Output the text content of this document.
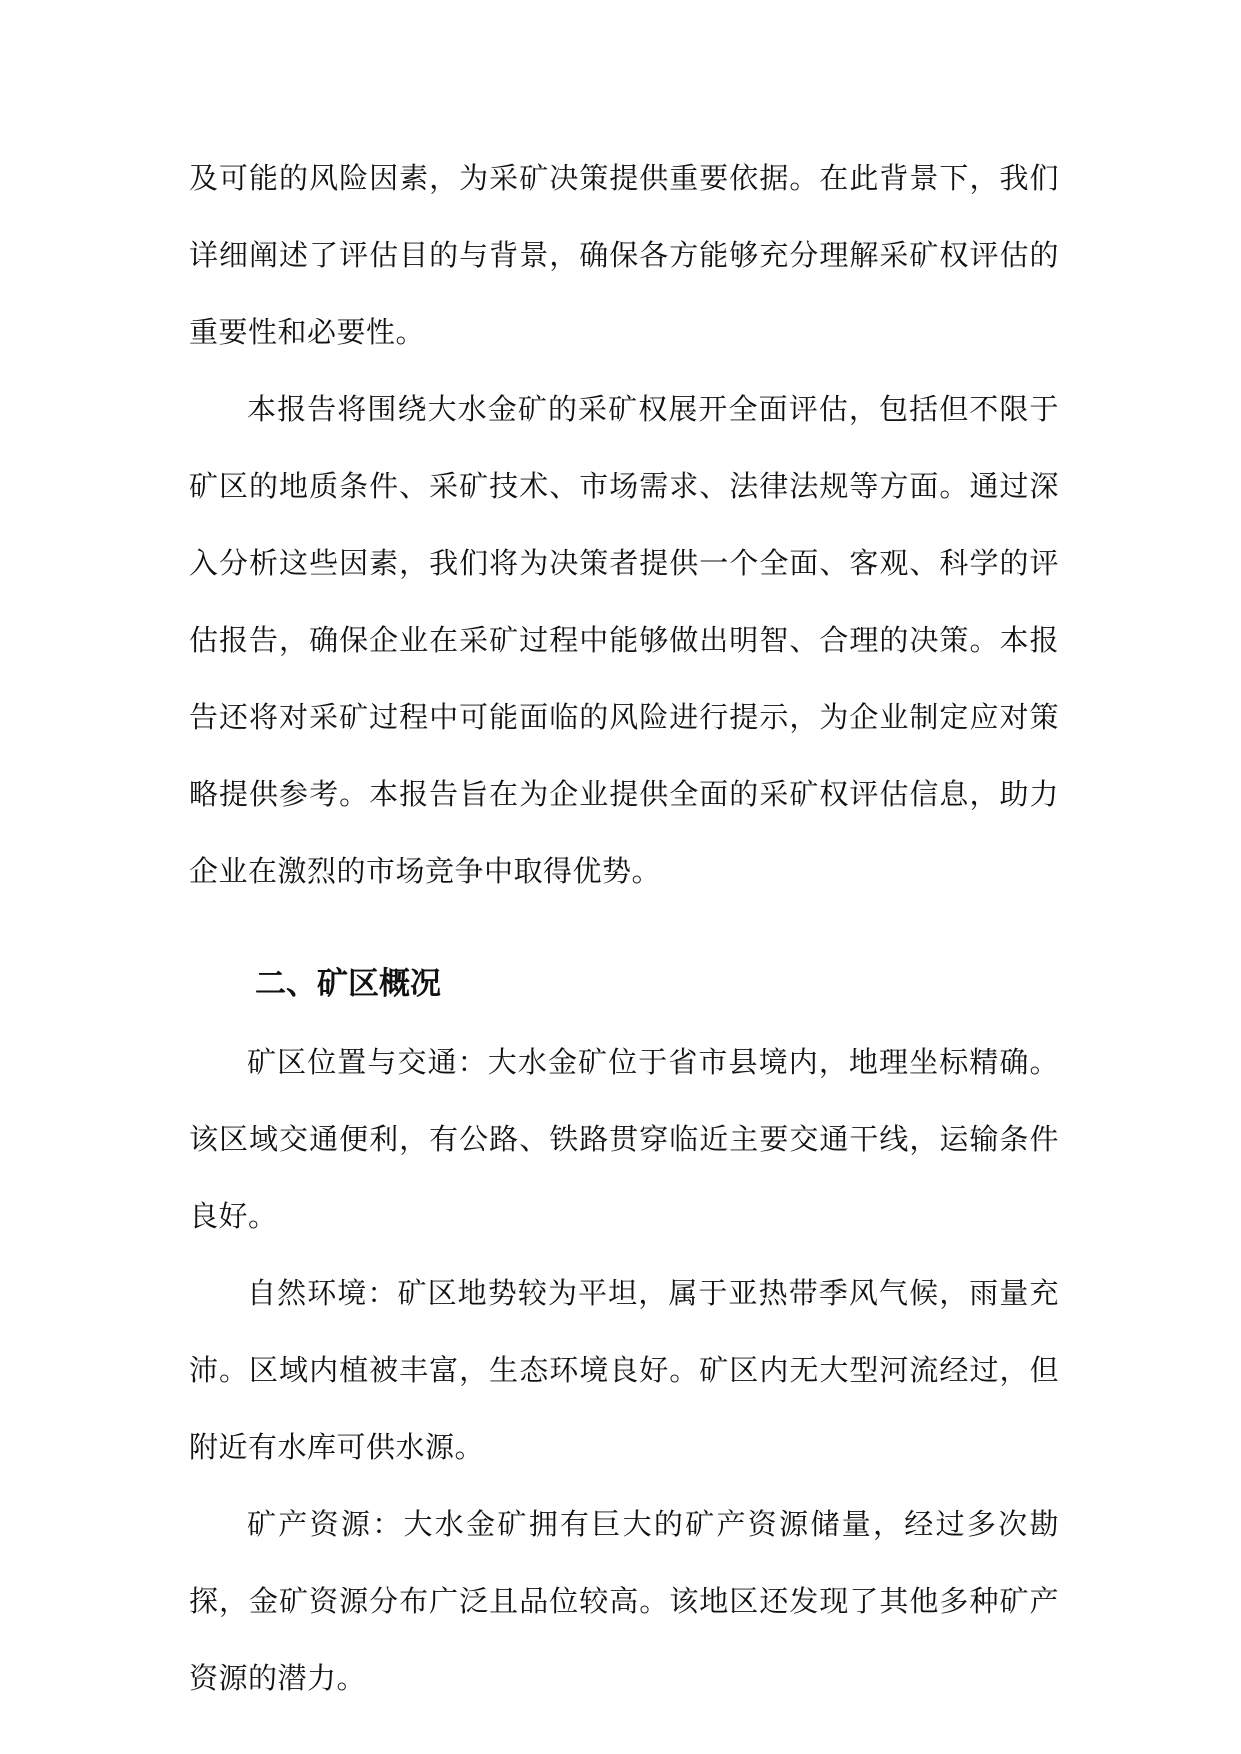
及可能的风险因素，为采矿决策提供重要依据。在此背景下，我们详细阐述了评估目的与背景，确保各方能够充分理解采矿权评估的重要性和必要性。

本报告将围绕大水金矿的采矿权展开全面评估，包括但不限于矿区的地质条件、采矿技术、市场需求、法律法规等方面。通过深入分析这些因素，我们将为决策者提供一个全面、客观、科学的评估报告，确保企业在采矿过程中能够做出明智、合理的决策。本报告还将对采矿过程中可能面临的风险进行提示，为企业制定应对策略提供参考。本报告旨在为企业提供全面的采矿权评估信息，助力企业在激烈的市场竞争中取得优势。

二、矿区概况

矿区位置与交通：大水金矿位于省市县境内，地理坐标精确。该区域交通便利，有公路、铁路贯穿临近主要交通干线，运输条件良好。

自然环境：矿区地势较为平坦，属于亚热带季风气候，雨量充沛。区域内植被丰富，生态环境良好。矿区内无大型河流经过，但附近有水库可供水源。

矿产资源：大水金矿拥有巨大的矿产资源储量，经过多次勘探，金矿资源分布广泛且品位较高。该地区还发现了其他多种矿产资源的潜力。
